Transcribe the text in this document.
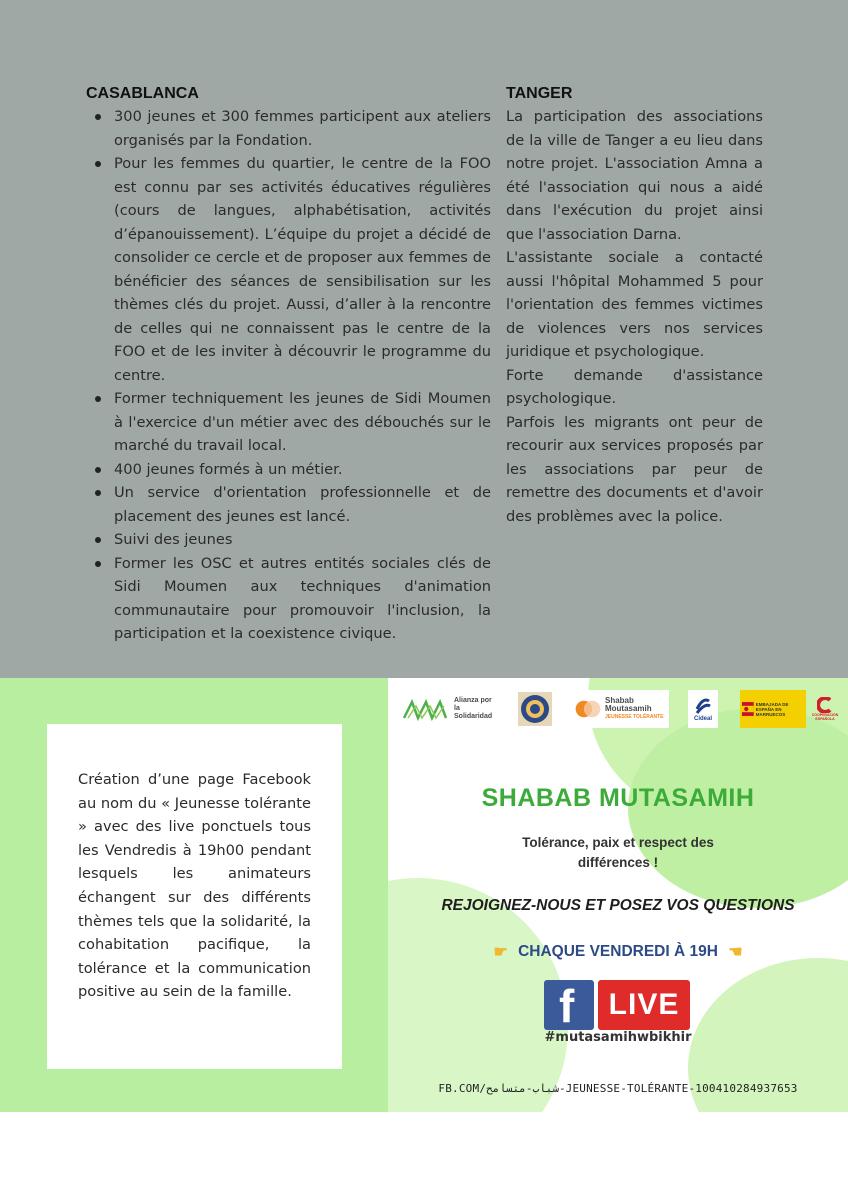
CASABLANCA
300 jeunes et 300 femmes participent aux ateliers organisés par la Fondation.
Pour les femmes du quartier, le centre de la FOO est connu par ses activités éducatives régulières (cours de langues, alphabétisation, activités d’épanouissement). L’équipe du projet a décidé de consolider ce cercle et de proposer aux femmes de bénéficier des séances de sensibilisation sur les thèmes clés du projet. Aussi, d’aller à la rencontre de celles qui ne connaissent pas le centre de la FOO et de les inviter à découvrir le programme du centre.
Former techniquement les jeunes de Sidi Moumen à l'exercice d'un métier avec des débouchés sur le marché du travail local.
400 jeunes formés à un métier.
Un service d'orientation professionnelle et de placement des jeunes est lancé.
Suivi des jeunes
Former les OSC et autres entités sociales clés de Sidi Moumen aux techniques d'animation communautaire pour promouvoir l'inclusion, la participation et la coexistence civique.
TANGER

La participation des associations de la ville de Tanger a eu lieu dans notre projet. L'association Amna a été l'association qui nous a aidé dans l'exécution du projet ainsi que l'association Darna.

L'assistante sociale a contacté aussi l'hôpital Mohammed 5 pour l'orientation des femmes victimes de violences vers nos services juridique et psychologique.

Forte demande d'assistance psychologique.

Parfois les migrants ont peur de recourir aux services proposés par les associations par peur de remettre des documents et d'avoir des problèmes avec la police.

Création d’une page Facebook au nom du « Jeunesse tolérante » avec des live ponctuels tous les Vendredis à 19h00 pendant lesquels les animateurs échangent sur des différents thèmes tels que la solidarité, la cohabitation pacifique, la tolérance et la communication positive au sein de la famille.
Alianza por la Solidaridad
Shabab Moutasamih
JEUNESSE TOLÉRANTE	Cideal
EMBAJADA DE ESPAÑA EN MARRUECOS	COOPERACIÓN ESPAÑOLA
SHABAB MUTASAMIH
Tolérance, paix et respect des différences !
REJOIGNEZ-NOUS ET POSEZ VOS QUESTIONS
☛ CHAQUE VENDREDI À 19H ☚
f	LIVE
#mutasamihwbikhir
FB.COM/شباب-متسامح-JEUNESSE-TOLÉRANTE-100410284937653
